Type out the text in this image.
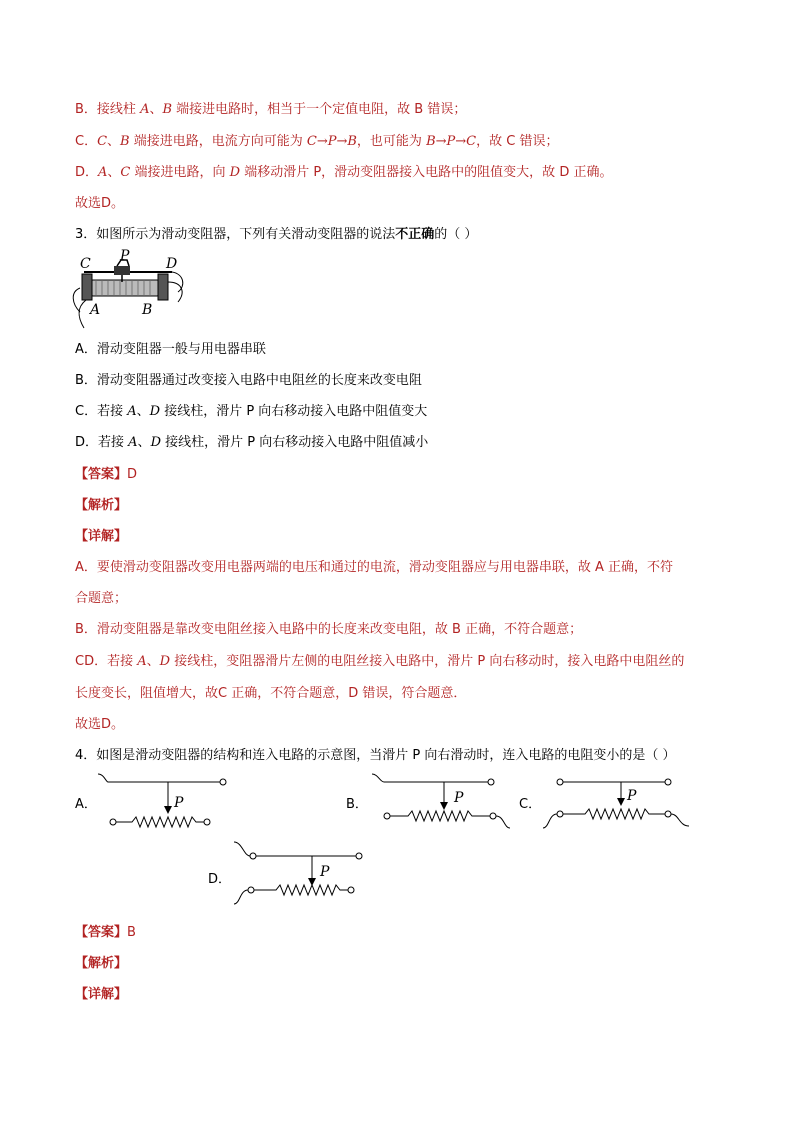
B．接线柱 A、B 端接进电路时，相当于一个定值电阻，故 B 错误；
C．C、B 端接进电路，电流方向可能为 C→P→B，也可能为 B→P→C，故 C 错误；
D．A、C 端接进电路，向 D 端移动滑片 P，滑动变阻器接入电路中的阻值变大，故 D 正确。
故选D。
3．如图所示为滑动变阻器，下列有关滑动变阻器的说法不正确的（ ）
C P	D
A	B
A．滑动变阻器一般与用电器串联
B．滑动变阻器通过改变接入电路中电阻丝的长度来改变电阻
C．若接 A、D 接线柱，滑片 P 向右移动接入电路中阻值变大
D．若接 A、D 接线柱，滑片 P 向右移动接入电路中阻值减小
【答案】D
【解析】
【详解】
A．要使滑动变阻器改变用电器两端的电压和通过的电流，滑动变阻器应与用电器串联，故 A 正确，不符
合题意；
B．滑动变阻器是靠改变电阻丝接入电路中的长度来改变电阻，故 B 正确，不符合题意；
CD．若接 A、D 接线柱，变阻器滑片左侧的电阻丝接入电路中，滑片 P 向右移动时，接入电路中电阻丝的
长度变长，阻值增大，故C 正确，不符合题意，D 错误，符合题意．
故选D。
4．如图是滑动变阻器的结构和连入电路的示意图，当滑片 P 向右滑动时，连入电路的电阻变小的是（ ）
A．	P	B．	P	C．
P
D．	P
【答案】B
【解析】
【详解】
